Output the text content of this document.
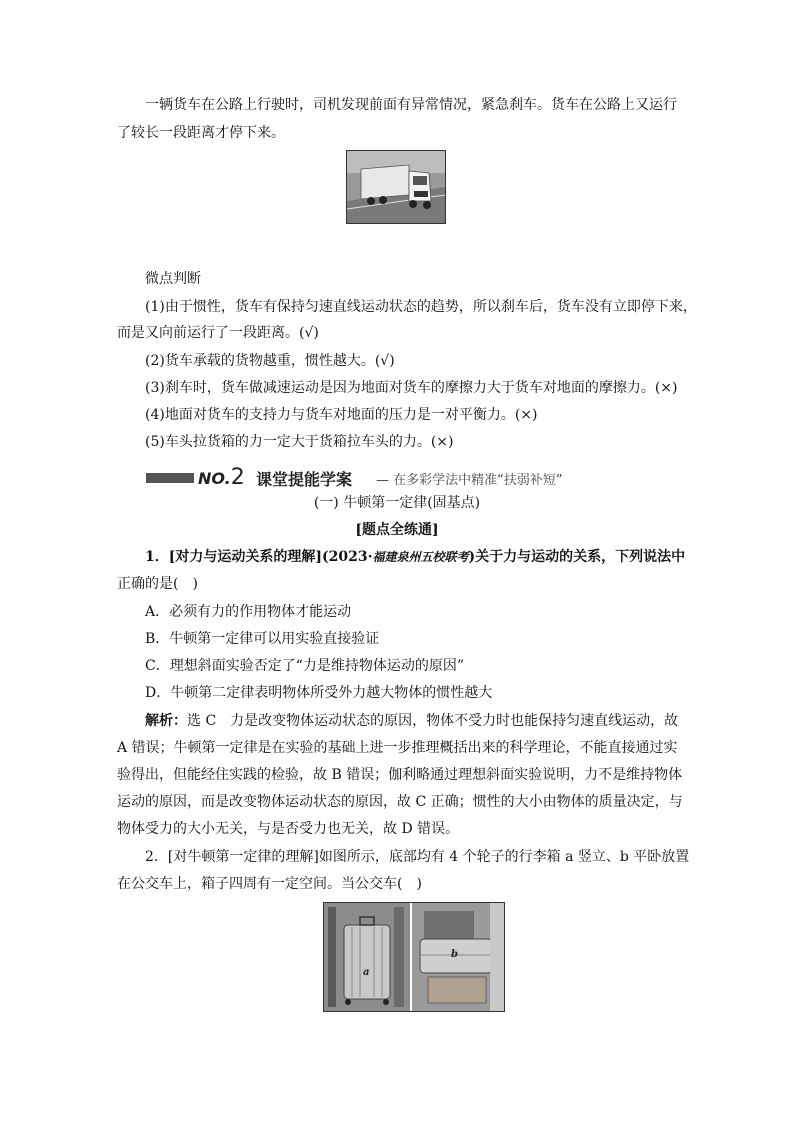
一辆货车在公路上行驶时，司机发现前面有异常情况，紧急刹车。货车在公路上又运行
了较长一段距离才停下来。
微点判断
(1)由于惯性，货车有保持匀速直线运动状态的趋势，所以刹车后，货车没有立即停下来，
而是又向前运行了一段距离。(√)
(2)货车承载的货物越重，惯性越大。(√)
(3)刹车时，货车做减速运动是因为地面对货车的摩擦力大于货车对地面的摩擦力。(×)
(4)地面对货车的支持力与货车对地面的压力是一对平衡力。(×)
(5)车头拉货箱的力一定大于货箱拉车头的力。(×)
NO.2 课堂提能学案 — 在多彩学法中精准“扶弱补短”
(一) 牛顿第一定律(固基点)
[题点全练通]
1．[对力与运动关系的理解](2023·福建泉州五校联考)关于力与运动的关系，下列说法中
正确的是(　)
A．必须有力的作用物体才能运动
B．牛顿第一定律可以用实验直接验证
C．理想斜面实验否定了“力是维持物体运动的原因”
D．牛顿第二定律表明物体所受外力越大物体的惯性越大
解析：选 C　力是改变物体运动状态的原因，物体不受力时也能保持匀速直线运动，故
A 错误；牛顿第一定律是在实验的基础上进一步推理概括出来的科学理论，不能直接通过实
验得出，但能经住实践的检验，故 B 错误；伽利略通过理想斜面实验说明，力不是维持物体
运动的原因，而是改变物体运动状态的原因，故 C 正确；惯性的大小由物体的质量决定，与
物体受力的大小无关，与是否受力也无关，故 D 错误。
2．[对牛顿第一定律的理解]如图所示，底部均有 4 个轮子的行李箱 a 竖立、b 平卧放置
在公交车上，箱子四周有一定空间。当公交车(　)
a
b
